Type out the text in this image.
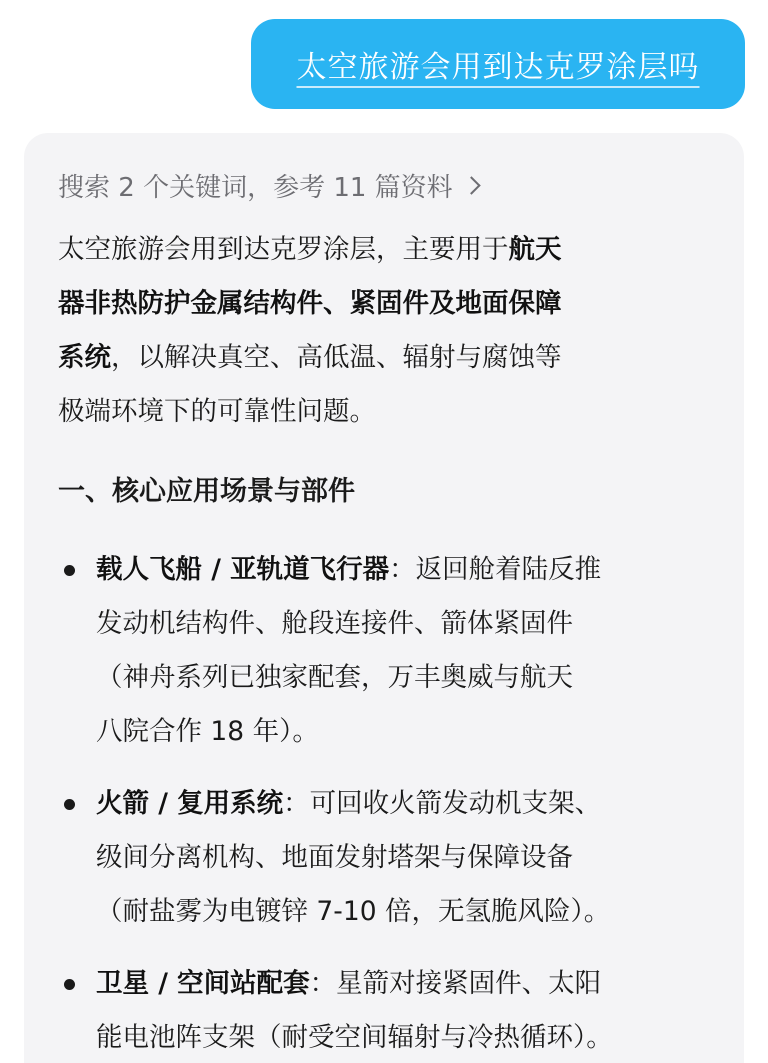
太空旅游会用到达克罗涂层吗
搜索 2 个关键词，参考 11 篇资料
太空旅游会用到达克罗涂层，主要用于航天
器非热防护金属结构件、紧固件及地面保障
系统，以解决真空、高低温、辐射与腐蚀等
极端环境下的可靠性问题。
一、核心应用场景与部件
载人飞船 / 亚轨道飞行器：返回舱着陆反推
发动机结构件、舱段连接件、箭体紧固件
（神舟系列已独家配套，万丰奥威与航天
八院合作 18 年）。
火箭 / 复用系统：可回收火箭发动机支架、
级间分离机构、地面发射塔架与保障设备
（耐盐雾为电镀锌 7-10 倍，无氢脆风险）。
卫星 / 空间站配套：星箭对接紧固件、太阳
能电池阵支架（耐受空间辐射与冷热循环）。
